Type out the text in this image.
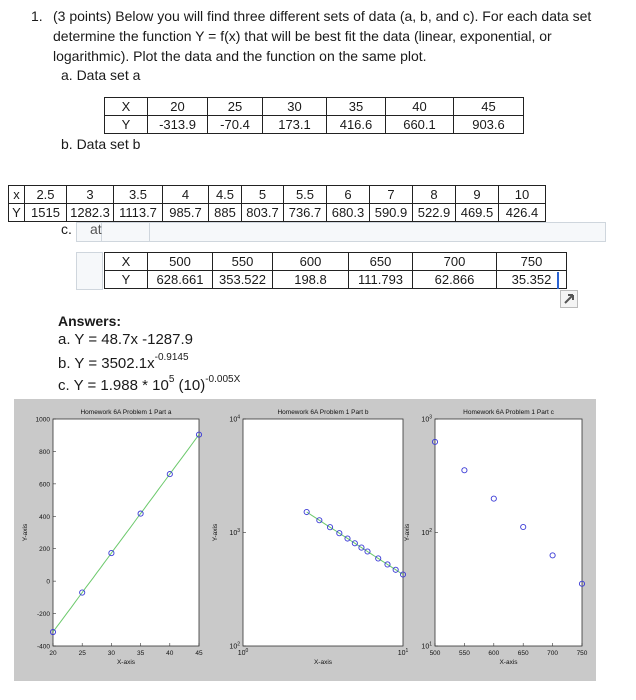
1. (3 points) Below you will find three different sets of data (a, b, and c). For each data set
determine the function Y = f(x) that will be best fit the data (linear, exponential, or
logarithmic). Plot the data and the function on the same plot.
a. Data set a
X	20	25	30	35	40	45
Y	-313.9	-70.4	173.1	416.6	660.1	903.6
b. Data set b
x	2.5	3	3.5	4	4.5	5	5.5	6	7	8	9	10
Y	1515	1282.3	1113.7	985.7	885	803.7	736.7	680.3	590.9	522.9	469.5	426.4
c. at
X	500	550	600	650	700	750
Y	628.661	353.522	198.8	111.793	62.866	35.352
Answers:
a. Y = 48.7x -1287.9
b. $Y = 3502.1x^{-0.9145}$
c. $Y = 1.988 * 10^5$ $(10)^{-0.005X}$
Homework 6A Problem 1 Part a
X-axis
Y-axis
20	25	30	35	40	45
-400
-200
0
200
400
600
800
1000
Homework 6A Problem 1 Part b
X-axis
Y-axis
$10^0$	$10^1$
$10^2$
$10^3$
$10^4$
Homework 6A Problem 1 Part c
X-axis
Y-axis
500	550	600	650	700	750
$10^1$
$10^2$
$10^3$
